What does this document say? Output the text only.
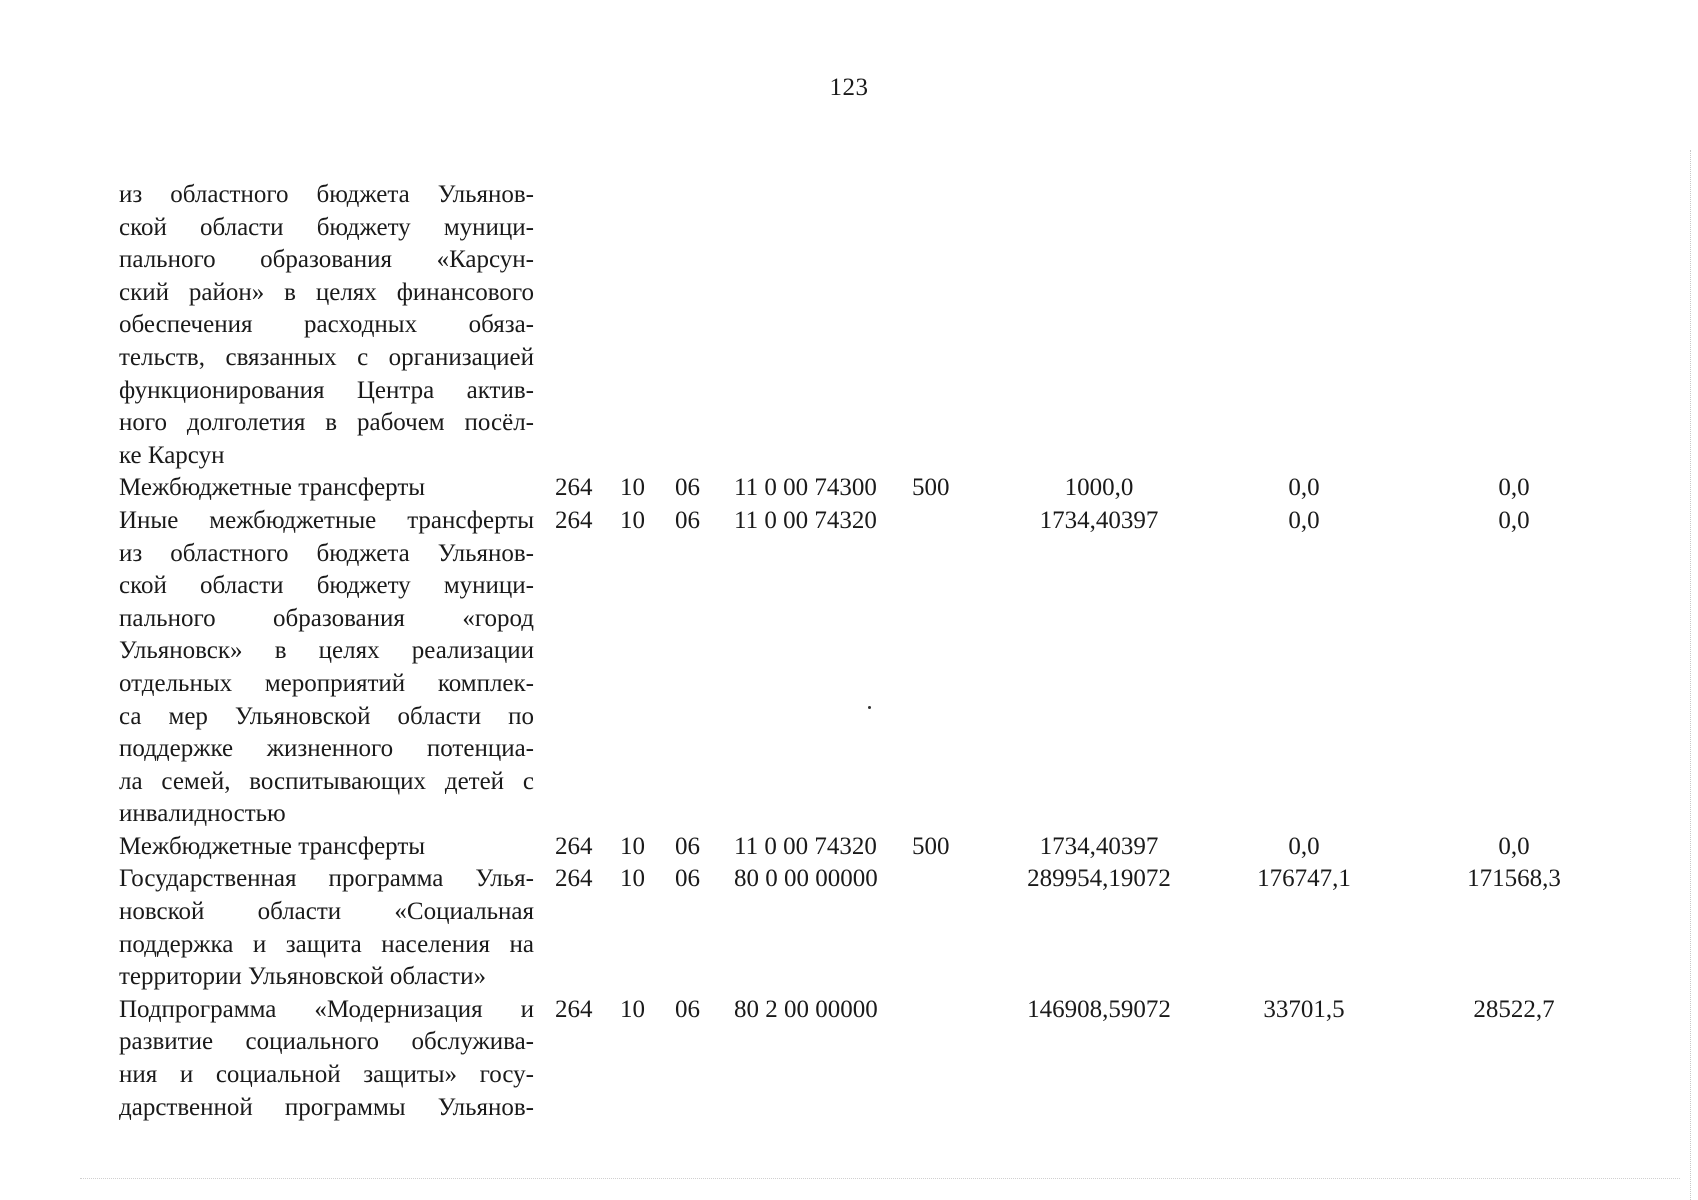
123
из областного бюджета Ульянов-
ской области бюджету муници-
пального образования «Карсун-
ский район» в целях финансового
обеспечения расходных обяза-
тельств, связанных с организацией
функционирования Центра актив-
ного долголетия в рабочем посёл-
ке Карсун
Межбюджетные трансферты	264 10 06 11 0 00 74300 500	1000,0	0,0	0,0
Иные межбюджетные трансферты
из областного бюджета Ульянов-
ской области бюджету муници-
пального образования «город
Ульяновск» в целях реализации
отдельных мероприятий комплек-
са мер Ульяновской области по
поддержке жизненного потенциа-
ла семей, воспитывающих детей с
инвалидностью
264 10 06 11 0 00 74320	1734,40397	0,0	0,0
Межбюджетные трансферты	264 10 06 11 0 00 74320 500	1734,40397	0,0	0,0
Государственная программа Улья-
новской области «Социальная
поддержка и защита населения на
территории Ульяновской области»
264 10 06 80 0 00 00000	289954,19072	176747,1	171568,3
Подпрограмма «Модернизация и
развитие социального обслужива-
ния и социальной защиты» госу-
дарственной программы Ульянов-
264 10 06 80 2 00 00000	146908,59072	33701,5	28522,7
